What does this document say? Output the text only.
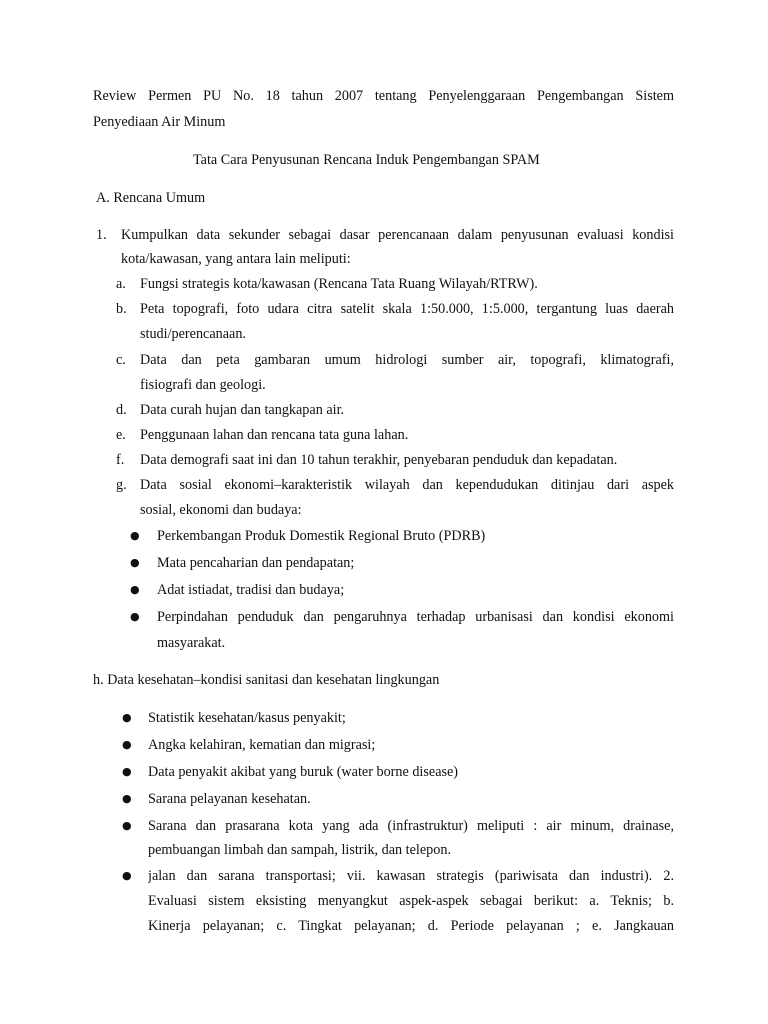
Review Permen PU No. 18 tahun 2007 tentang Penyelenggaraan Pengembangan Sistem
Penyediaan Air Minum
Tata Cara Penyusunan Rencana Induk Pengembangan SPAM
A. Rencana Umum
1. Kumpulkan data sekunder sebagai dasar perencanaan dalam penyusunan evaluasi kondisi
kota/kawasan, yang antara lain meliputi:
a. Fungsi strategis kota/kawasan (Rencana Tata Ruang Wilayah/RTRW).
b. Peta topografi, foto udara citra satelit skala 1:50.000, 1:5.000, tergantung luas daerah
studi/perencanaan.
c. Data dan peta gambaran umum hidrologi sumber air, topografi, klimatografi,
fisiografi dan geologi.
d. Data curah hujan dan tangkapan air.
e. Penggunaan lahan dan rencana tata guna lahan.
f. Data demografi saat ini dan 10 tahun terakhir, penyebaran penduduk dan kepadatan.
g. Data sosial ekonomi–karakteristik wilayah dan kependudukan ditinjau dari aspek
sosial, ekonomi dan budaya:
● Perkembangan Produk Domestik Regional Bruto (PDRB)
● Mata pencaharian dan pendapatan;
● Adat istiadat, tradisi dan budaya;
● Perpindahan penduduk dan pengaruhnya terhadap urbanisasi dan kondisi ekonomi
masyarakat.
h. Data kesehatan–kondisi sanitasi dan kesehatan lingkungan
● Statistik kesehatan/kasus penyakit;
● Angka kelahiran, kematian dan migrasi;
● Data penyakit akibat yang buruk (water borne disease)
● Sarana pelayanan kesehatan.
● Sarana dan prasarana kota yang ada (infrastruktur) meliputi : air minum, drainase,
pembuangan limbah dan sampah, listrik, dan telepon.
● jalan dan sarana transportasi; vii. kawasan strategis (pariwisata dan industri). 2.
Evaluasi sistem eksisting menyangkut aspek-aspek sebagai berikut: a. Teknis; b.
Kinerja pelayanan; c. Tingkat pelayanan; d. Periode pelayanan ; e. Jangkauan
